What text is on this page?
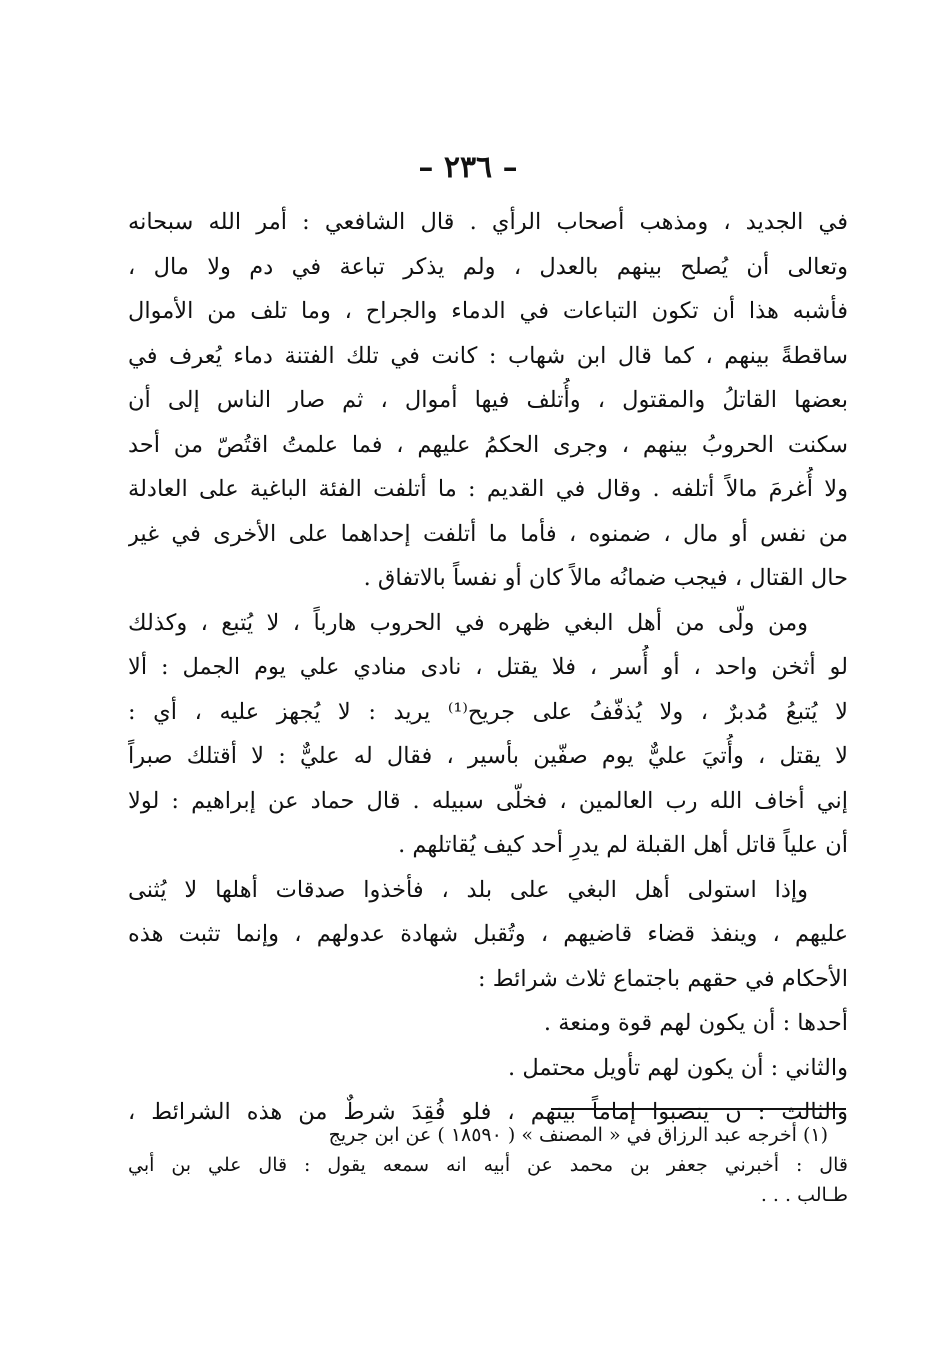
– ٢٣٦ –
في الجديد ، ومذهب أصحاب الرأي . قال الشافعي : أمر الله سبحانه
وتعالى أن يُصلح بينهم بالعدل ، ولم يذكر تباعة في دم ولا مال ،
فأشبه هذا أن تكون التباعات في الدماء والجراح ، وما تلف من الأموال
ساقطةً بينهم ، كما قال ابن شهاب : كانت في تلك الفتنة دماء يُعرف في
بعضها القاتلُ والمقتول ، وأُتلف فيها أموال ، ثم صار الناس إلى أن
سكنت الحروبُ بينهم ، وجرى الحكمُ عليهم ، فما علمتُ اقتُصّ من أحد
ولا أُغرمَ مالاً أتلفه . وقال في القديم : ما أتلفت الفئة الباغية على العادلة
من نفس أو مال ، ضمنوه ، فأما ما أتلفت إحداهما على الأخرى في غير
حال القتال ، فيجب ضمانُه مالاً كان أو نفساً بالاتفاق .
ومن ولّى من أهل البغي ظهره في الحروب هارباً ، لا يُتبع ، وكذلك
لو أثخن واحد ، أو أُسر ، فلا يقتل ، نادى منادي علي يوم الجمل : ألا
لا يُتبعُ مُدبرٌ ، ولا يُذفّفُ على جريح⁽¹⁾ يريد : لا يُجهز عليه ، أي :
لا يقتل ، وأُتيَ عليٌّ يوم صفّين بأسير ، فقال له عليٌّ : لا أقتلك صبراً
إني أخاف الله رب العالمين ، فخلّى سبيله . قال حماد عن إبراهيم : لولا
أن علياً قاتل أهل القبلة لم يدرِ أحد كيف يُقاتلهم .
وإذا استولى أهل البغي على بلد ، فأخذوا صدقات أهلها لا يُثنى
عليهم ، وينفذ قضاء قاضيهم ، وتُقبل شهادة عدولهم ، وإنما تثبت هذه
الأحكام في حقهم باجتماع ثلاث شرائط :
أحدها : أن يكون لهم قوة ومنعة .
والثاني : أن يكون لهم تأويل محتمل .
والثالث : ن ينصبوا إماماً بينهم ، فلو فُقِدَ شرطٌ من هذه الشرائط ،
(١) أخرجه عبد الرزاق في « المصنف » ( ١٨٥٩٠ ) عن ابن جريج
قال : أخبرني جعفر بن محمد عن أبيه انه سمعه يقول : قال علي بن أبي
طـالب . . .
